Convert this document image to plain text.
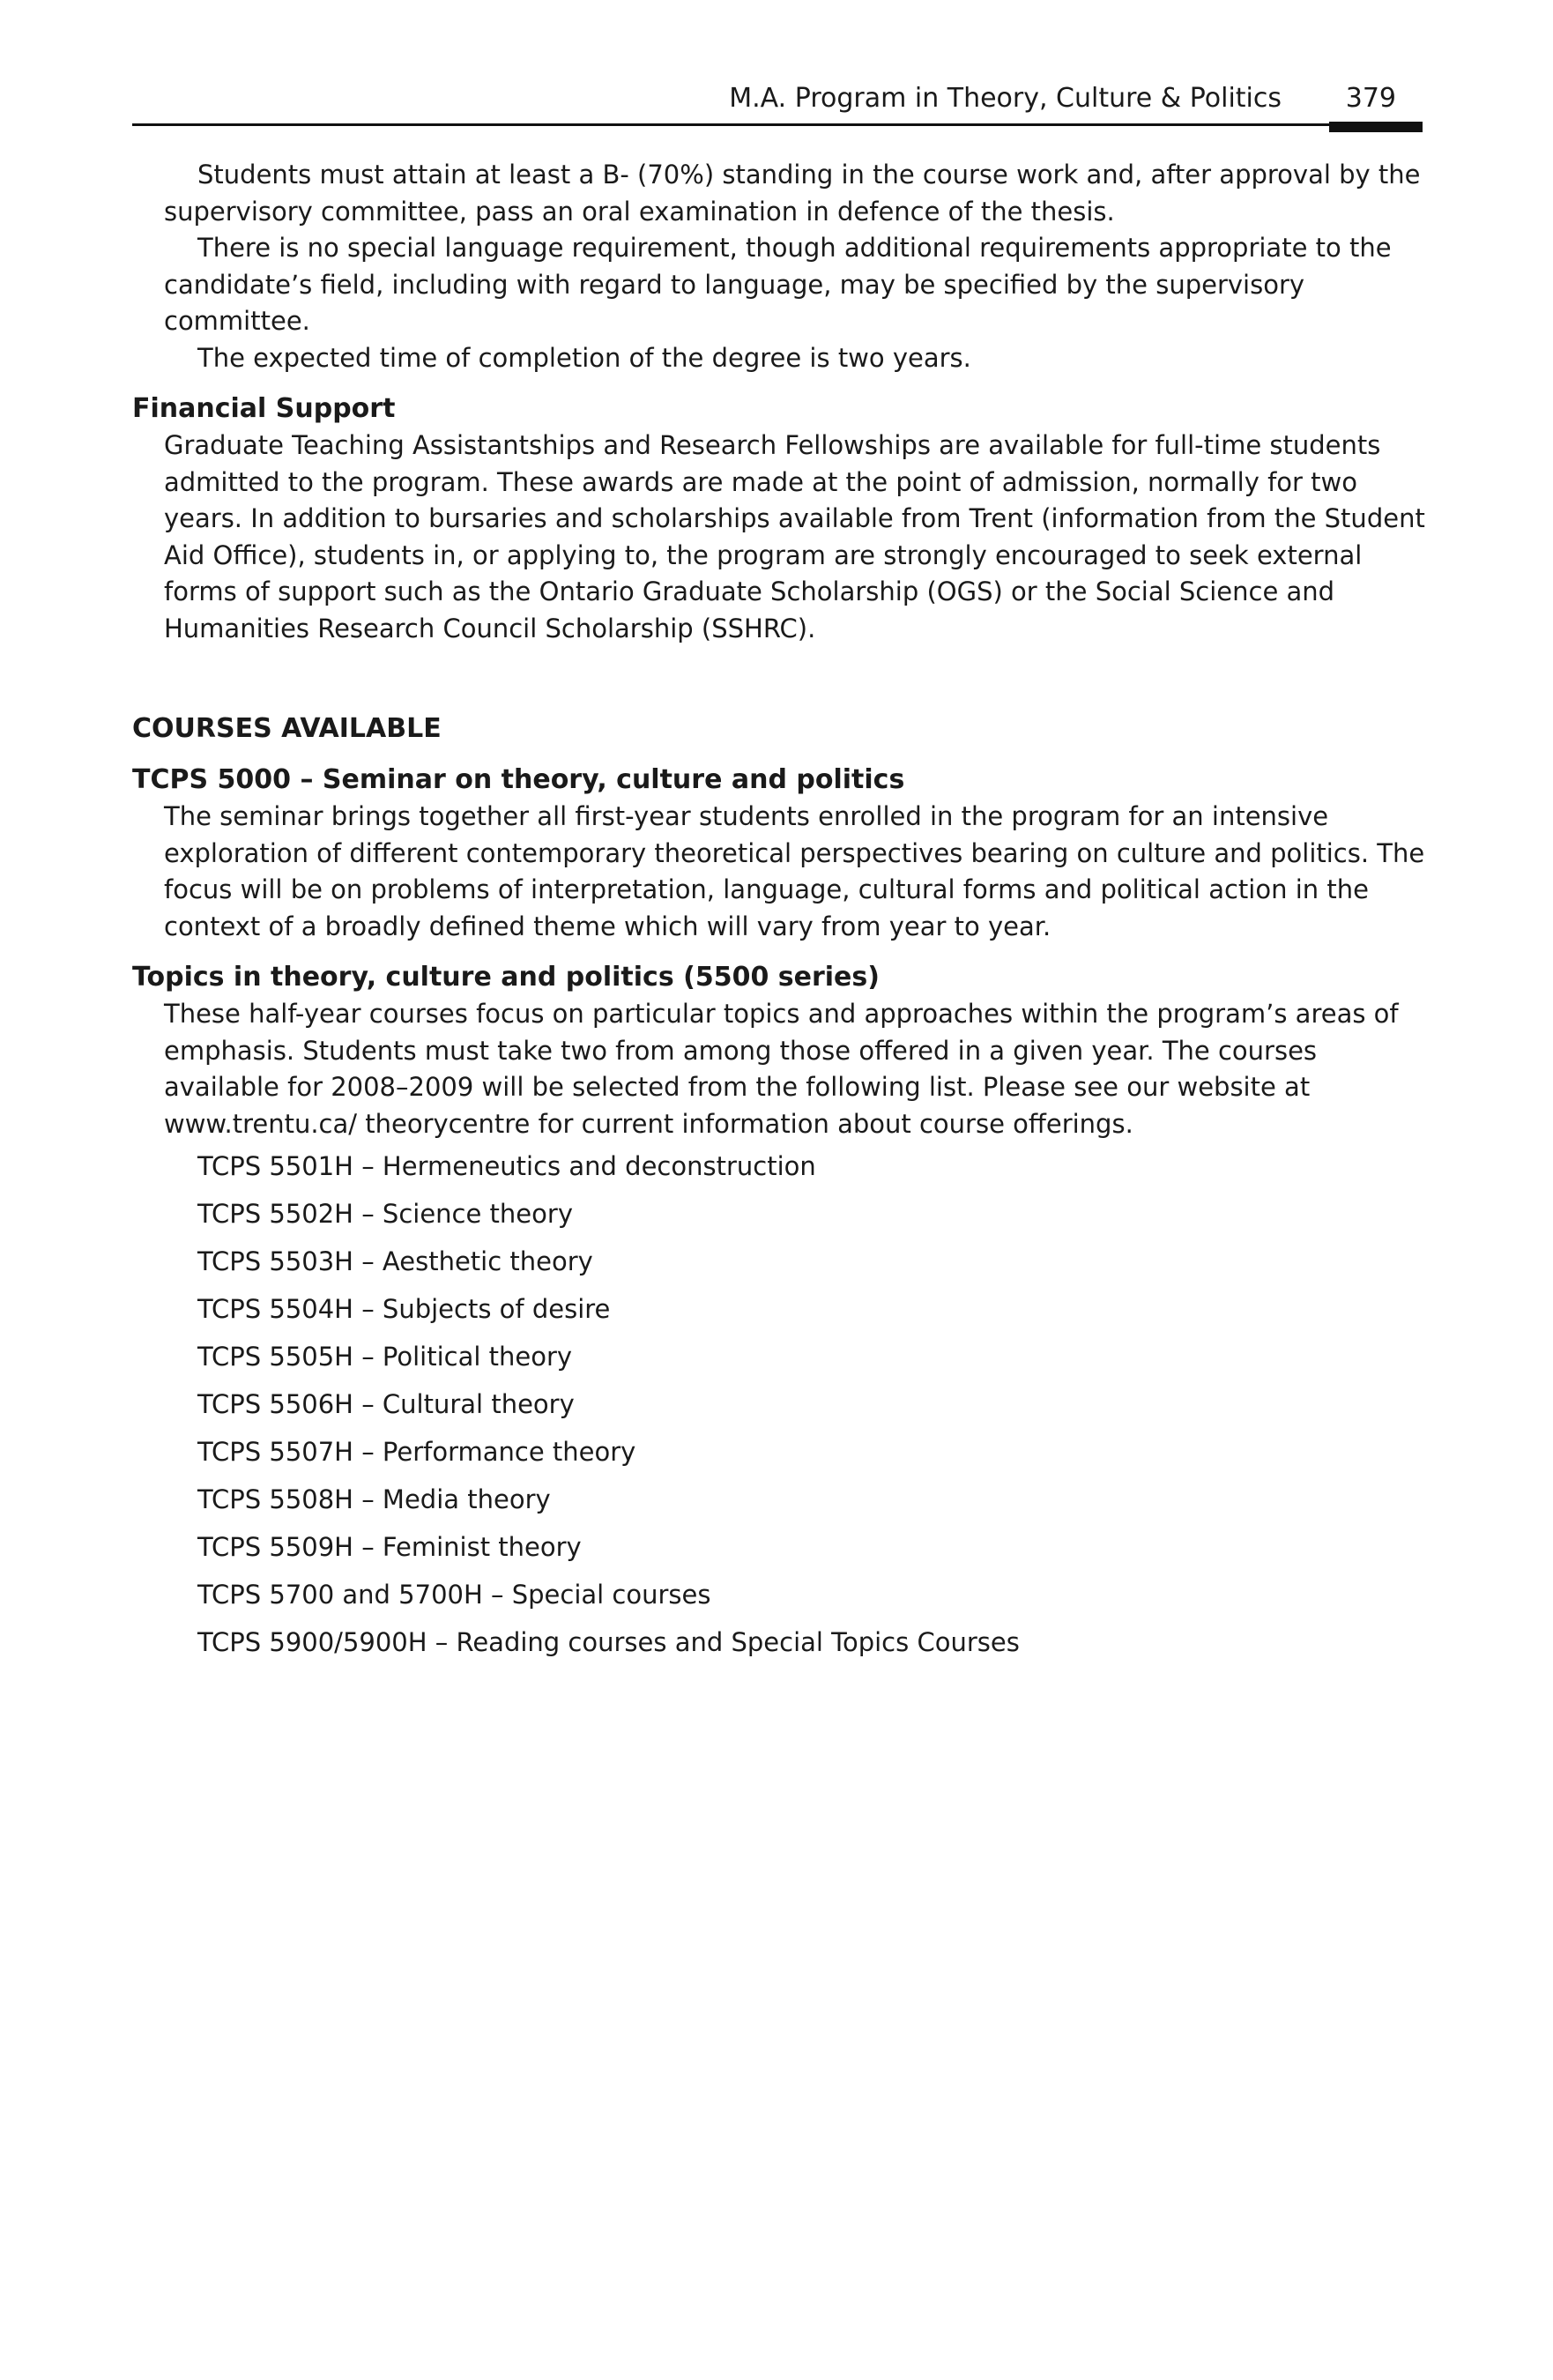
M.A. Program in Theory, Culture & Politics 379

Students must attain at least a B- (70%) standing in the course work and, after approval by the supervisory committee, pass an oral examination in defence of the thesis.

There is no special language requirement, though additional requirements appropriate to the candidate’s field, including with regard to language, may be specified by the supervisory committee.

The expected time of completion of the degree is two years.

Financial Support

Graduate Teaching Assistantships and Research Fellowships are available for full-time students admitted to the program. These awards are made at the point of admission, normally for two years. In addition to bursaries and scholarships available from Trent (information from the Student Aid Office), students in, or applying to, the program are strongly encouraged to seek external forms of support such as the Ontario Graduate Scholarship (OGS) or the Social Science and Humanities Research Council Scholarship (SSHRC).

COURSES AVAILABLE
TCPS 5000 – Seminar on theory, culture and politics

The seminar brings together all first-year students enrolled in the program for an intensive exploration of different contemporary theoretical perspectives bearing on culture and politics. The focus will be on problems of interpretation, language, cultural forms and political action in the context of a broadly defined theme which will vary from year to year.

Topics in theory, culture and politics (5500 series)

These half-year courses focus on particular topics and approaches within the program’s areas of emphasis. Students must take two from among those offered in a given year. The courses available for 2008–2009 will be selected from the following list. Please see our website at www.trentu.ca/ theorycentre for current information about course offerings.

TCPS 5501H – Hermeneutics and deconstruction
TCPS 5502H – Science theory
TCPS 5503H – Aesthetic theory
TCPS 5504H – Subjects of desire
TCPS 5505H – Political theory
TCPS 5506H – Cultural theory
TCPS 5507H – Performance theory
TCPS 5508H – Media theory
TCPS 5509H – Feminist theory
TCPS 5700 and 5700H – Special courses
TCPS 5900/5900H – Reading courses and Special Topics Courses
